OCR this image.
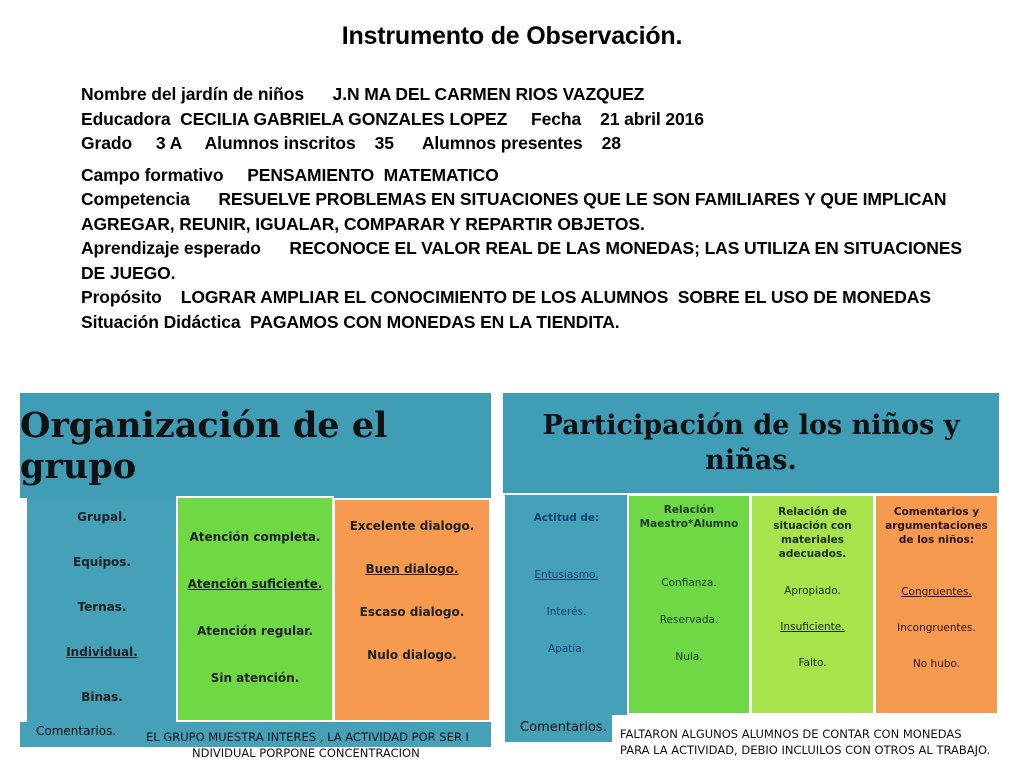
Instrumento de Observación.
Nombre del jardín de niños      J.N MA DEL CARMEN RIOS VAZQUEZ
Educadora  CECILIA GABRIELA GONZALES LOPEZ     Fecha    21 abril 2016
Grado     3 A     Alumnos inscritos    35      Alumnos presentes    28
Campo formativo     PENSAMIENTO  MATEMATICO
Competencia      RESUELVE PROBLEMAS EN SITUACIONES QUE LE SON FAMILIARES Y QUE IMPLICAN AGREGAR, REUNIR, IGUALAR, COMPARAR Y REPARTIR OBJETOS.
Aprendizaje esperado      RECONOCE EL VALOR REAL DE LAS MONEDAS; LAS UTILIZA EN SITUACIONES DE JUEGO.
Propósito    LOGRAR AMPLIAR EL CONOCIMIENTO DE LOS ALUMNOS  SOBRE EL USO DE MONEDAS
Situación Didáctica  PAGAMOS CON MONEDAS EN LA TIENDITA.
Organización de el grupo
Grupal.
Equipos.
Ternas.
Individual.
Binas.
Atención completa.
Atención suficiente.
Atención regular.
Sin atención.
Excelente dialogo.
Buen dialogo.
Escaso dialogo.
Nulo dialogo.
Comentarios.	EL GRUPO MUESTRA INTERES , LA ACTIVIDAD POR SER I
NDIVIDUAL PORPONE CONCENTRACION
Participación de los niños y
niñas.
Actitud de:
Entusiasmo.
Interés.
Apatía.
Relación Maestro*Alumno
Confianza.
Reservada.
Nula.
Relación de situación con materiales adecuados.
Apropiado.
Insuficiente.
Falto.
Comentarios y argumentaciones de los niños:
Congruentes.
Incongruentes.
No hubo.
Comentarios. FALTARON ALGUNOS ALUMNOS DE CONTAR CON MONEDAS
PARA LA ACTIVIDAD, DEBIO INCLUILOS CON OTROS AL TRABAJO.
